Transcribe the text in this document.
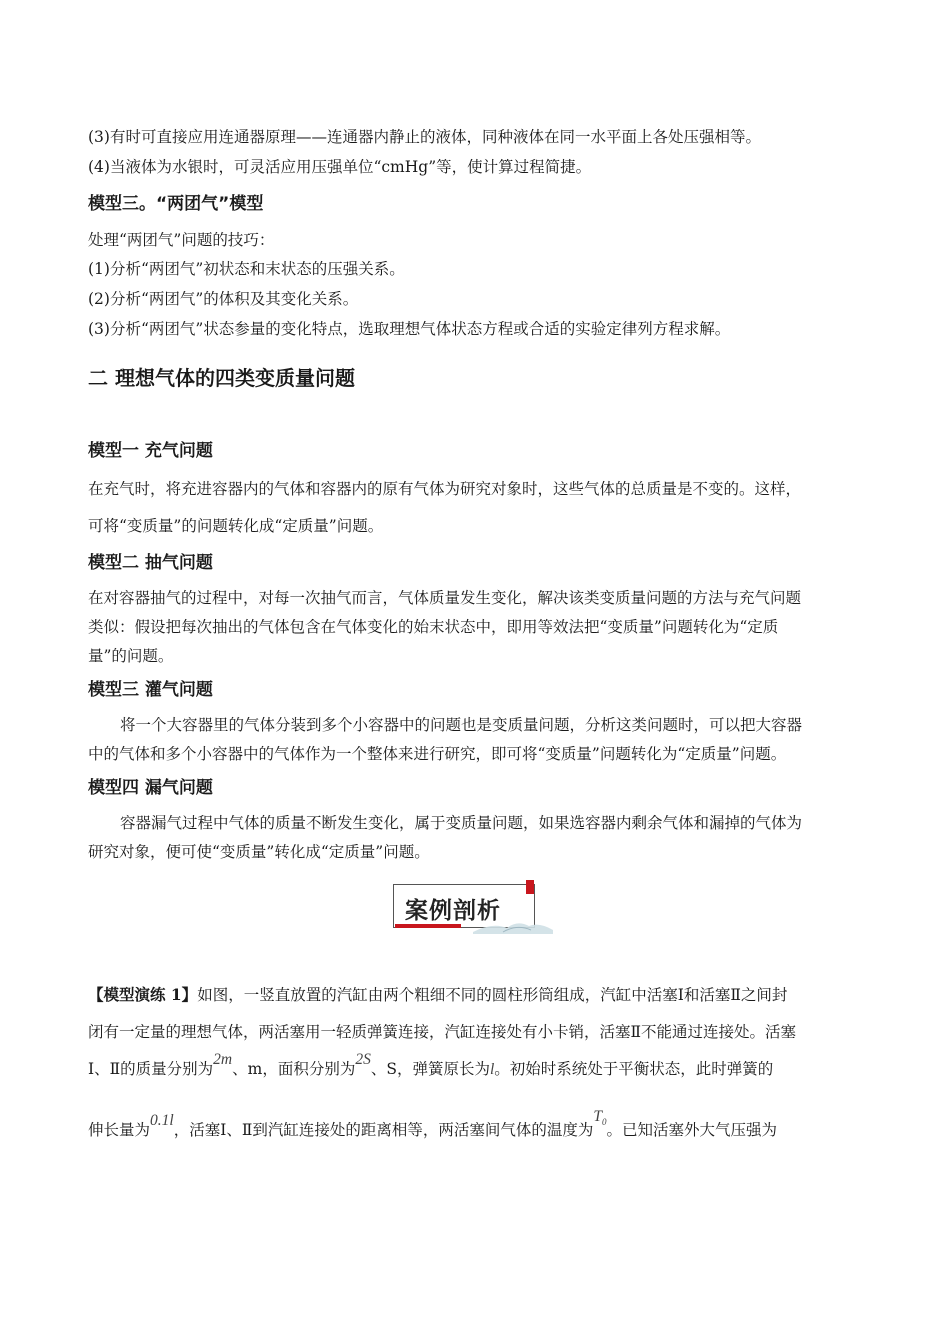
(3)有时可直接应用连通器原理——连通器内静止的液体，同种液体在同一水平面上各处压强相等。
(4)当液体为水银时，可灵活应用压强单位“cmHg”等，使计算过程简捷。
模型三。“两团气”模型
处理“两团气”问题的技巧：
(1)分析“两团气”初状态和末状态的压强关系。
(2)分析“两团气”的体积及其变化关系。
(3)分析“两团气”状态参量的变化特点，选取理想气体状态方程或合适的实验定律列方程求解。
二 理想气体的四类变质量问题
模型一 充气问题
在充气时，将充进容器内的气体和容器内的原有气体为研究对象时，这些气体的总质量是不变的。这样，
可将“变质量”的问题转化成“定质量”问题。
模型二 抽气问题
在对容器抽气的过程中，对每一次抽气而言，气体质量发生变化，解决该类变质量问题的方法与充气问题
类似：假设把每次抽出的气体包含在气体变化的始末状态中，即用等效法把“变质量”问题转化为“定质
量”的问题。
模型三 灌气问题
将一个大容器里的气体分装到多个小容器中的问题也是变质量问题，分析这类问题时，可以把大容器
中的气体和多个小容器中的气体作为一个整体来进行研究，即可将“变质量”问题转化为“定质量”问题。
模型四 漏气问题
容器漏气过程中气体的质量不断发生变化，属于变质量问题，如果选容器内剩余气体和漏掉的气体为
研究对象，便可使“变质量”转化成“定质量”问题。
案例剖析
【模型演练 1】如图，一竖直放置的汽缸由两个粗细不同的圆柱形筒组成，汽缸中活塞Ⅰ和活塞Ⅱ之间封
闭有一定量的理想气体，两活塞用一轻质弹簧连接，汽缸连接处有小卡销，活塞Ⅱ不能通过连接处。活塞
Ⅰ、Ⅱ的质量分别为2m、m，面积分别为2S、S，弹簧原长为l。初始时系统处于平衡状态，此时弹簧的
伸长量为0.1l，活塞Ⅰ、Ⅱ到汽缸连接处的距离相等，两活塞间气体的温度为$T_0$。已知活塞外大气压强为
